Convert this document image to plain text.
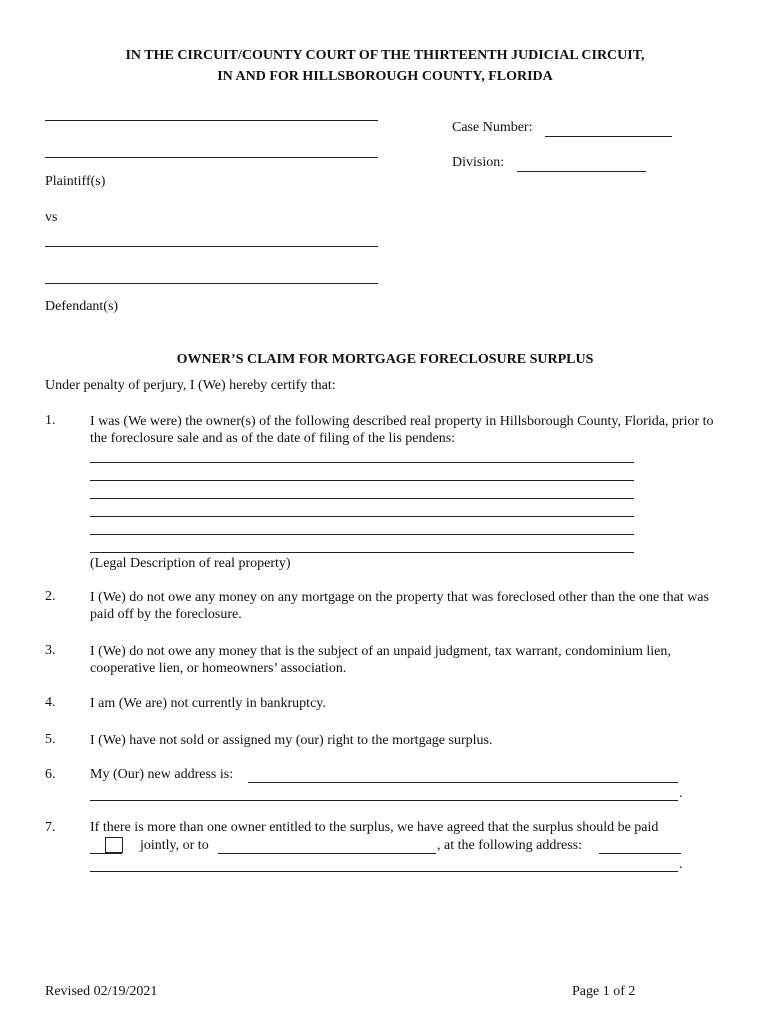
IN THE CIRCUIT/COUNTY COURT OF THE THIRTEENTH JUDICIAL CIRCUIT,
IN AND FOR HILLSBOROUGH COUNTY, FLORIDA
Plaintiff(s)
Case Number:
Division:
vs
Defendant(s)
OWNER’S CLAIM FOR MORTGAGE FORECLOSURE SURPLUS
Under penalty of perjury, I (We) hereby certify that:
1. I was (We were) the owner(s) of the following described real property in Hillsborough County, Florida, prior to the foreclosure sale and as of the date of filing of the lis pendens:
(Legal Description of real property)
2. I (We) do not owe any money on any mortgage on the property that was foreclosed other than the one that was paid off by the foreclosure.
3. I (We) do not owe any money that is the subject of an unpaid judgment, tax warrant, condominium lien, cooperative lien, or homeowners’ association.
4. I am (We are) not currently in bankruptcy.
5. I (We) have not sold or assigned my (our) right to the mortgage surplus.
6. My (Our) new address is:
.
7. If there is more than one owner entitled to the surplus, we have agreed that the surplus should be paid
jointly, or to	, at the following address:
.
Revised 02/19/2021	Page 1 of 2
